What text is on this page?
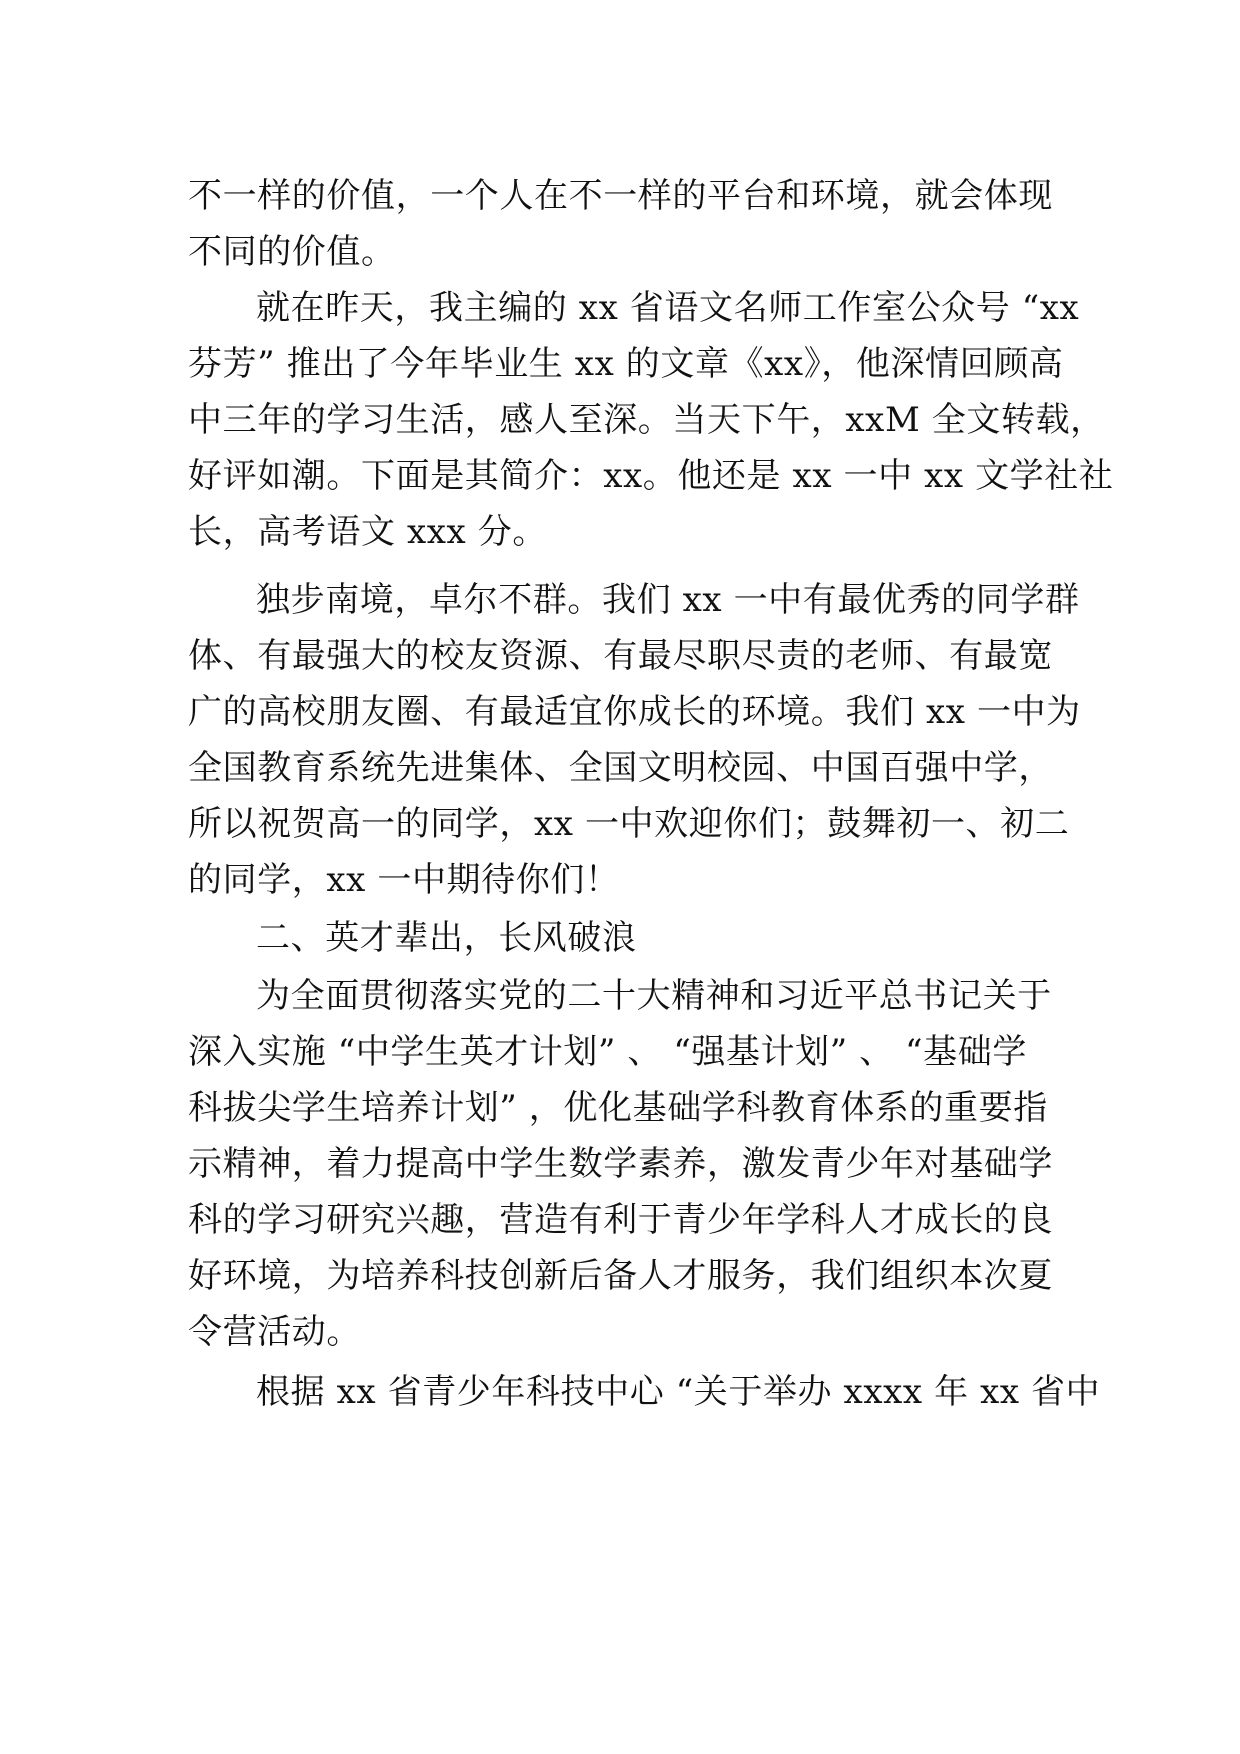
不一样的价值，一个人在不一样的平台和环境，就会体现
不同的价值。
就在昨天，我主编的 xx 省语文名师工作室公众号 “xx
芬芳” 推出了今年毕业生 xx 的文章《xx》，他深情回顾高
中三年的学习生活，感人至深。当天下午，xxM 全文转载，
好评如潮。下面是其简介：xx。他还是 xx 一中 xx 文学社社
长，高考语文 xxx 分。
独步南境，卓尔不群。我们 xx 一中有最优秀的同学群
体、有最强大的校友资源、有最尽职尽责的老师、有最宽
广的高校朋友圈、有最适宜你成长的环境。我们 xx 一中为
全国教育系统先进集体、全国文明校园、中国百强中学，
所以祝贺高一的同学，xx 一中欢迎你们；鼓舞初一、初二
的同学，xx 一中期待你们！
二、英才辈出，长风破浪
为全面贯彻落实党的二十大精神和习近平总书记关于
深入实施 “中学生英才计划” 、 “强基计划” 、 “基础学
科拔尖学生培养计划” ，优化基础学科教育体系的重要指
示精神，着力提高中学生数学素养，激发青少年对基础学
科的学习研究兴趣，营造有利于青少年学科人才成长的良
好环境，为培养科技创新后备人才服务，我们组织本次夏
令营活动。
根据 xx 省青少年科技中心 “关于举办 xxxx 年 xx 省中
